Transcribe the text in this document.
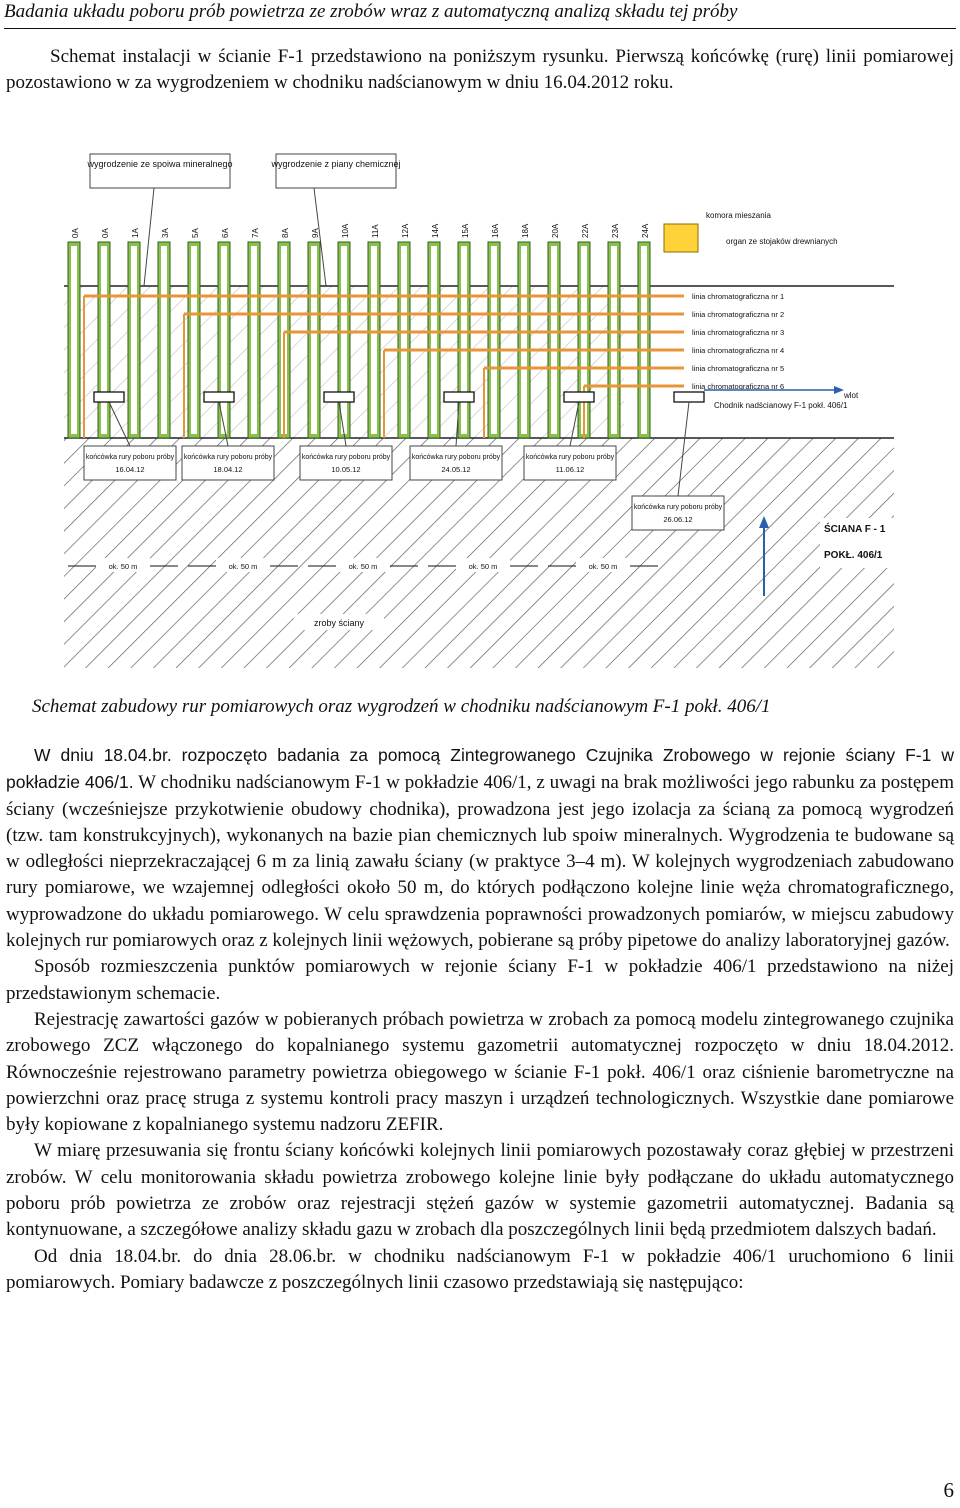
Badania układu poboru prób powietrza ze zrobów wraz z automatyczną analizą składu tej próby
Schemat instalacji w ścianie F-1 przedstawiono na poniższym rysunku. Pierwszą końcówkę (rurę) linii pomiarowej pozostawiono w za wygrodzeniem w chodniku nadścianowym w dniu 16.04.2012 roku.
0A	0A	1A	3A	5A	6A	7A	8A	9A	10A	11A	12A	14A	15A	16A	18A	20A	22A	23A	24A
linia chromatograficzna nr 1
linia chromatograficzna nr 2
linia chromatograficzna nr 3
linia chromatograficzna nr 4
linia chromatograficzna nr 5
linia chromatograficzna nr 6
końcówka rury poboru próby
16.04.12
końcówka rury poboru próby
18.04.12
końcówka rury poboru próby
10.05.12
końcówka rury poboru próby
24.05.12
końcówka rury poboru próby
11.06.12
końcówka rury poboru próby
26.06.12
ok. 50 m	ok. 50 m	ok. 50 m	ok. 50 m	ok. 50 m
wygrodzenie ze spoiwa mineralnego	wygrodzenie z piany chemicznej
komora mieszania
organ ze stojaków drewnianych
Chodnik nadścianowy F-1 pokł. 406/1
wlot
ŚCIANA F - 1
POKŁ. 406/1
zroby ściany
Schemat zabudowy rur pomiarowych oraz wygrodzeń w chodniku nadścianowym F-1 pokł. 406/1

W dniu 18.04.br. rozpoczęto badania za pomocą Zintegrowanego Czujnika Zrobowego w rejonie ściany F-1 w pokładzie 406/1. W chodniku nadścianowym F-1 w pokładzie 406/1, z uwagi na brak możliwości jego rabunku za postępem ściany (wcześniejsze przykotwienie obudowy chodnika), prowadzona jest jego izolacja za ścianą za pomocą wygrodzeń (tzw. tam konstrukcyjnych), wykonanych na bazie pian chemicznych lub spoiw mineralnych. Wygrodzenia te budowane są w odległości nieprzekraczającej 6 m za linią zawału ściany (w praktyce 3–4 m). W kolejnych wygrodzeniach zabudowano rury pomiarowe, we wzajemnej odległości około 50 m, do których podłączono kolejne linie węża chromatograficznego, wyprowadzone do układu pomiarowego. W celu sprawdzenia poprawności prowadzonych pomiarów, w miejscu zabudowy kolejnych rur pomiarowych oraz z kolejnych linii wężowych, pobierane są próby pipetowe do analizy laboratoryjnej gazów.

Sposób rozmieszczenia punktów pomiarowych w rejonie ściany F-1 w pokładzie 406/1 przedstawiono na niżej przedstawionym schemacie.

Rejestrację zawartości gazów w pobieranych próbach powietrza w zrobach za pomocą modelu zintegrowanego czujnika zrobowego ZCZ włączonego do kopalnianego systemu gazometrii automatycznej rozpoczęto w dniu 18.04.2012. Równocześnie rejestrowano parametry powietrza obiegowego w ścianie F-1 pokł. 406/1 oraz ciśnienie barometryczne na powierzchni oraz pracę struga z systemu kontroli pracy maszyn i urządzeń technologicznych. Wszystkie dane pomiarowe były kopiowane z kopalnianego systemu nadzoru ZEFIR.

W miarę przesuwania się frontu ściany końcówki kolejnych linii pomiarowych pozostawały coraz głębiej w przestrzeni zrobów. W celu monitorowania składu powietrza zrobowego kolejne linie były podłączane do układu automatycznego poboru prób powietrza ze zrobów oraz rejestracji stężeń gazów w systemie gazometrii automatycznej. Badania są kontynuowane, a szczegółowe analizy składu gazu w zrobach dla poszczególnych linii będą przedmiotem dalszych badań.

Od dnia 18.04.br. do dnia 28.06.br. w chodniku nadścianowym F-1 w pokładzie 406/1 uruchomiono 6 linii pomiarowych. Pomiary badawcze z poszczególnych linii czasowo przedstawiają się następująco:

6
